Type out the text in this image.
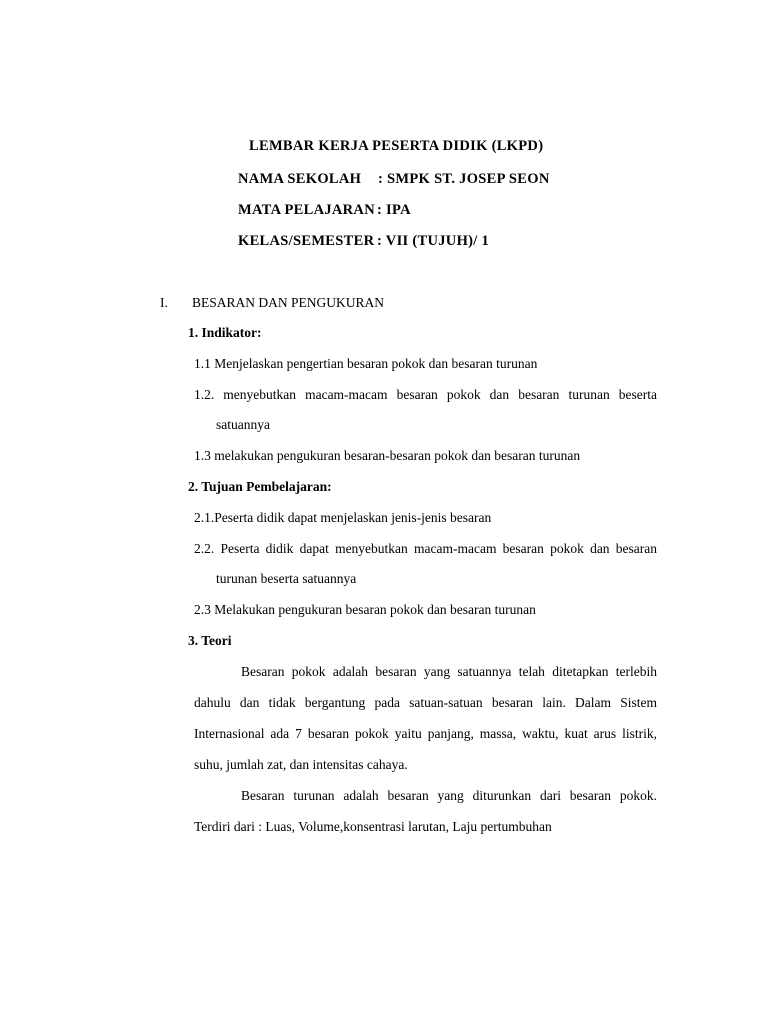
LEMBAR KERJA PESERTA DIDIK (LKPD)
NAMA SEKOLAH : SMPK ST. JOSEP SEON
MATA PELAJARAN : IPA
KELAS/SEMESTER : VII (TUJUH)/ 1
I. BESARAN DAN PENGUKURAN
1. Indikator:
1.1 Menjelaskan pengertian besaran pokok dan besaran turunan
1.2. menyebutkan macam-macam besaran pokok dan besaran turunan beserta
satuannya
1.3 melakukan pengukuran besaran-besaran pokok dan besaran turunan
2. Tujuan Pembelajaran:
2.1.Peserta didik dapat menjelaskan jenis-jenis besaran
2.2. Peserta didik dapat menyebutkan macam-macam besaran pokok dan besaran
turunan beserta satuannya
2.3 Melakukan pengukuran besaran pokok dan besaran turunan
3. Teori
Besaran pokok adalah besaran yang satuannya telah ditetapkan terlebih
dahulu dan tidak bergantung pada satuan-satuan besaran lain. Dalam Sistem
Internasional ada 7 besaran pokok yaitu panjang, massa, waktu, kuat arus listrik,
suhu, jumlah zat, dan intensitas cahaya.
Besaran turunan adalah besaran yang diturunkan dari besaran pokok.
Terdiri dari : Luas, Volume,konsentrasi larutan, Laju pertumbuhan
